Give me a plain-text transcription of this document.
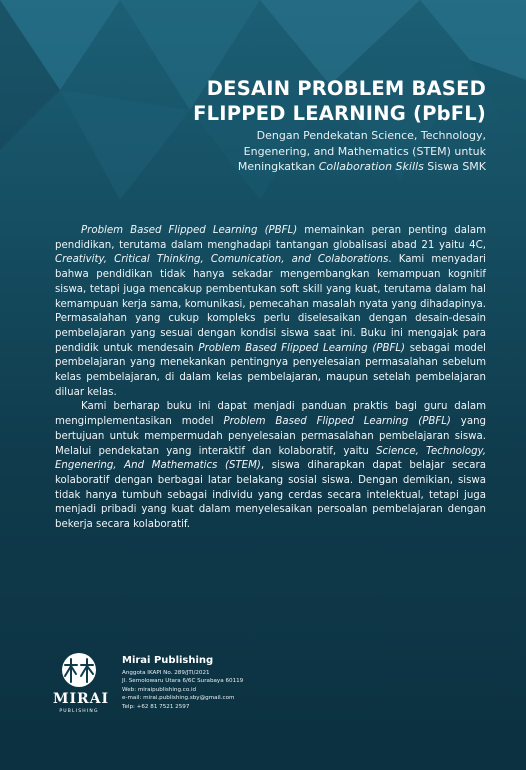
DESAIN PROBLEM BASED
FLIPPED LEARNING (PbFL)
Dengan Pendekatan Science, Technology,
Engenering, and Mathematics (STEM) untuk
Meningkatkan Collaboration Skills Siswa SMK

Problem Based Flipped Learning (PBFL) memainkan peran penting dalam pendidikan, terutama dalam menghadapi tantangan globalisasi abad 21 yaitu 4C, Creativity, Critical Thinking, Comunication, and Colaborations. Kami menyadari bahwa pendidikan tidak hanya sekadar mengembangkan kemampuan kognitif siswa, tetapi juga mencakup pembentukan soft skill yang kuat, terutama dalam hal kemampuan kerja sama, komunikasi, pemecahan masalah nyata yang dihadapinya. Permasalahan yang cukup kompleks perlu diselesaikan dengan desain-desain pembelajaran yang sesuai dengan kondisi siswa saat ini. Buku ini mengajak para pendidik untuk mendesain Problem Based Flipped Learning (PBFL) sebagai model pembelajaran yang menekankan pentingnya penyelesaian permasalahan sebelum kelas pembelajaran, di dalam kelas pembelajaran, maupun setelah pembelajaran diluar kelas.

Kami berharap buku ini dapat menjadi panduan praktis bagi guru dalam mengimplementasikan model Problem Based Flipped Learning (PBFL) yang bertujuan untuk mempermudah penyelesaian permasalahan pembelajaran siswa. Melalui pendekatan yang interaktif dan kolaboratif, yaitu Science, Technology, Engenering, And Mathematics (STEM), siswa diharapkan dapat belajar secara kolaboratif dengan berbagai latar belakang sosial siswa. Dengan demikian, siswa tidak hanya tumbuh sebagai individu yang cerdas secara intelektual, tetapi juga menjadi pribadi yang kuat dalam menyelesaikan persoalan pembelajaran dengan bekerja secara kolaboratif.

MIRAI
PUBLISHING
Mirai Publishing
Anggota IKAPI No. 289/JTI/2021
Jl. Semolowaru Utara 6/6C Surabaya 60119
Web: miraipublishing.co.id
e-mail: mirai.publishing.sby@gmail.com
Telp: +62 81 7521 2597
